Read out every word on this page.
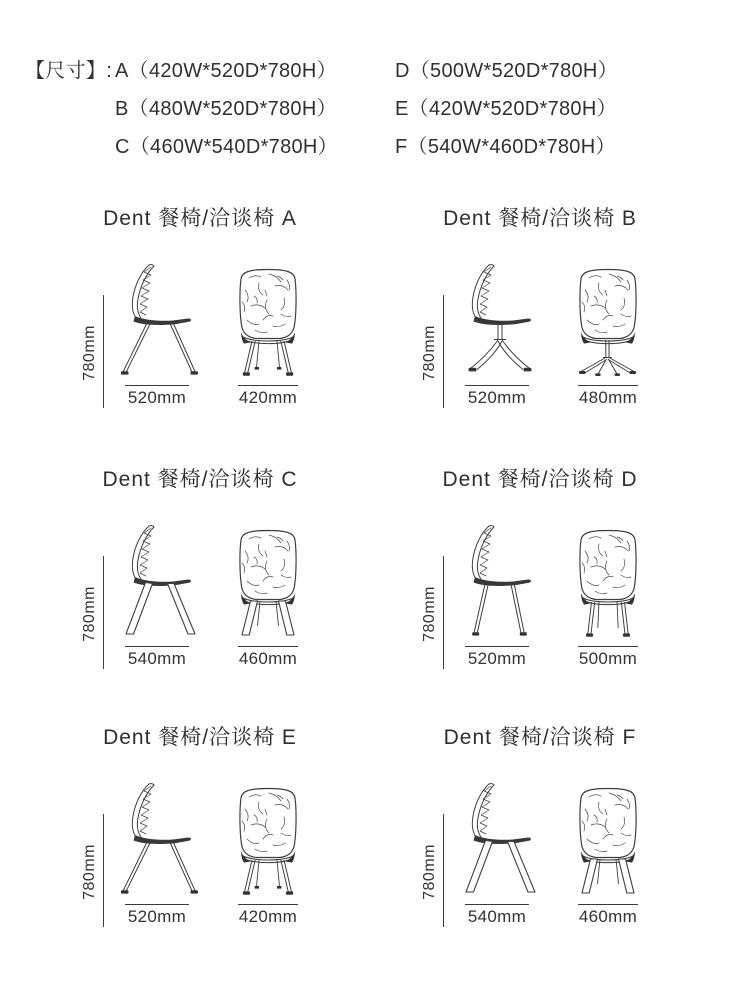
【尺寸】: A（420W*520D*780H）	D（500W*520D*780H）
B（480W*520D*780H）	E（420W*520D*780H）
C（460W*540D*780H）	F（540W*460D*780H）
Dent 餐椅/洽谈椅 A
780mm
520mm	420mm
Dent 餐椅/洽谈椅 B
780mm
520mm	480mm
Dent 餐椅/洽谈椅 C
780mm
540mm	460mm
Dent 餐椅/洽谈椅 D
780mm
520mm	500mm
Dent 餐椅/洽谈椅 E
780mm
520mm	420mm
Dent 餐椅/洽谈椅 F
780mm
540mm	460mm
